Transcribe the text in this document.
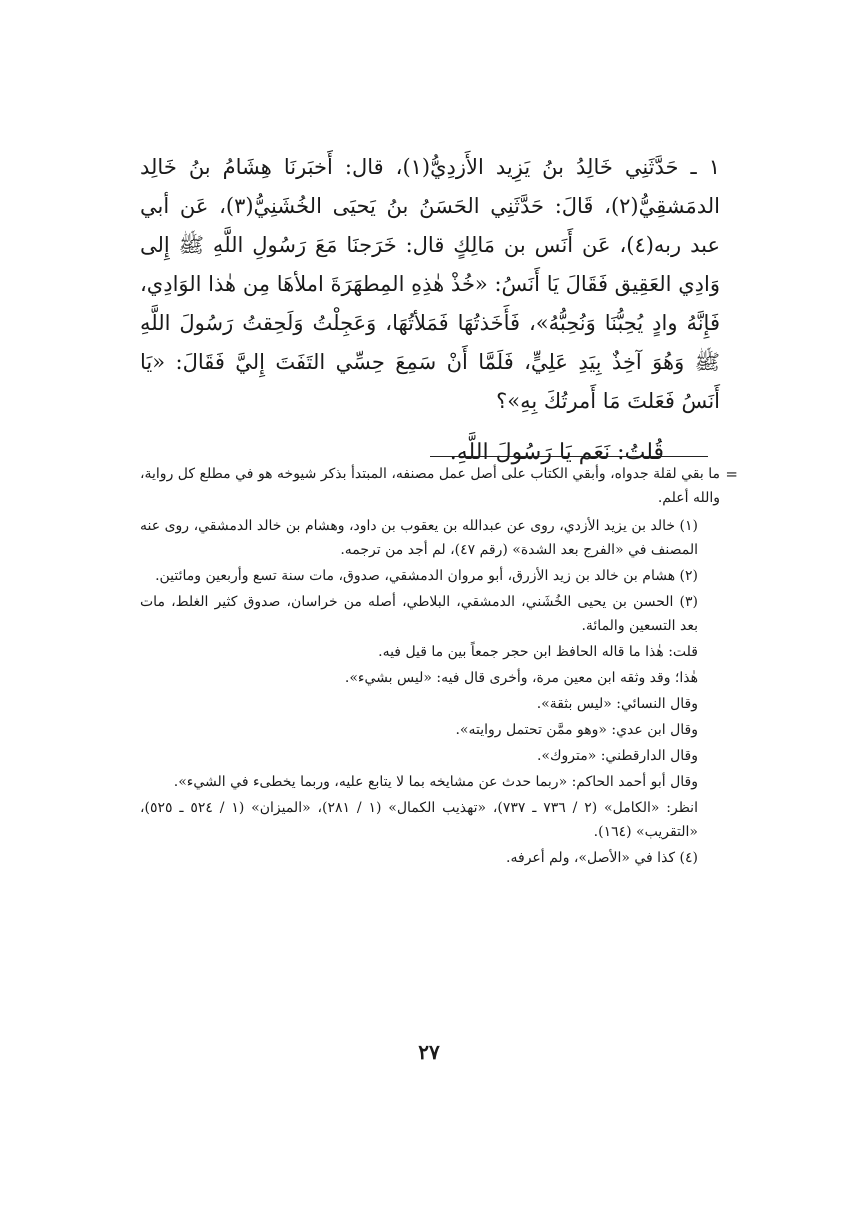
١ ـ حَدَّثَنِي خَالِدُ بنُ يَزِيد الأَزدِيُّ(١)، قال: أَخبَرنَا هِشَامُ بنُ خَالِد الدمَشقِيُّ(٢)، قَالَ: حَدَّثَنِي الحَسَنُ بنُ يَحيَى الخُشَنِيُّ(٣)، عَن أبي عبد ربه(٤)، عَن أَنَس بن مَالِكٍ قال: خَرَجنَا مَعَ رَسُولِ اللَّهِ ﷺ إِلى وَادِي العَقِيق فَقَالَ يَا أَنَسُ: «خُذْ هٰذِهِ المِطهَرَةَ املأهَا مِن هٰذا الوَادِي، فَإِنَّهُ وادٍ يُحِبُّنَا وَنُحِبُّهُ»، فَأَخَذتُهَا فَمَلأتُهَا، وَعَجِلْتُ وَلَحِقتُ رَسُولَ اللَّهِ ﷺ وَهُوَ آخِذٌ بِيَدِ عَلِيٍّ، فَلَمَّا أَنْ سَمِعَ حِسِّي التَفَتَ إِليَّ فَقَالَ: «يَا أَنَسُ فَعَلتَ مَا أَمرتُكَ بِهِ»؟

قُلتُ: نَعَم يَا رَسُولَ اللَّهِ.

=
ما بقي لقلة جدواه، وأبقي الكتاب على أصل عمل مصنفه، المبتدأ بذكر شيوخه هو في مطلع كل رواية، والله أعلم.

(١) خالد بن يزيد الأزدي، روى عن عبدالله بن يعقوب بن داود، وهشام بن خالد الدمشقي، روى عنه المصنف في «الفرج بعد الشدة» (رقم ٤٧)، لم أجد من ترجمه.

(٢) هشام بن خالد بن زيد الأزرق، أبو مروان الدمشقي، صدوق، مات سنة تسع وأربعين ومائتين.

(٣) الحسن بن يحيى الخُشَني، الدمشقي، البلاطي، أصله من خراسان، صدوق كثير الغلط، مات بعد التسعين والمائة.

قلت: هٰذا ما قاله الحافظ ابن حجر جمعاً بين ما قيل فيه.

هٰذا؛ وقد وثقه ابن معين مرة، وأخرى قال فيه: «ليس بشيء».

وقال النسائي: «ليس بثقة».

وقال ابن عدي: «وهو ممَّن تحتمل روايته».

وقال الدارقطني: «متروك».

وقال أبو أحمد الحاكم: «ربما حدث عن مشايخه بما لا يتابع عليه، وربما يخطىء في الشيء».

انظر: «الكامل» (٢ / ٧٣٦ ـ ٧٣٧)، «تهذيب الكمال» (١ / ٢٨١)، «الميزان» (١ / ٥٢٤ ـ ٥٢٥)، «التقريب» (١٦٤).

(٤) كذا في «الأصل»، ولم أعرفه.

٢٧
